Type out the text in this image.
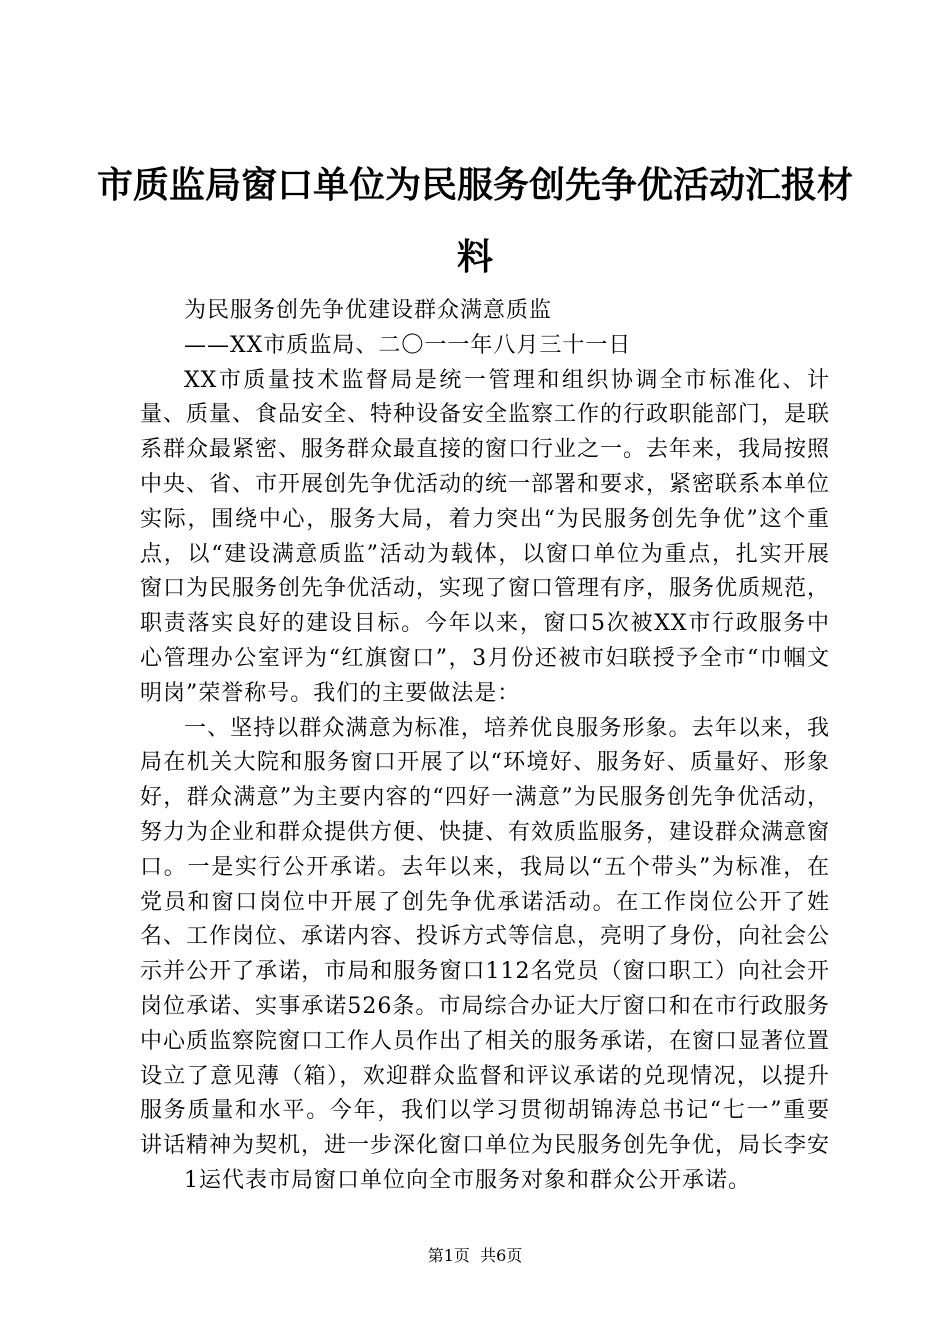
市质监局窗口单位为民服务创先争优活动汇报材料

为民服务创先争优建设群众满意质监

——XX市质监局、二〇一一年八月三十一日

XX市质量技术监督局是统一管理和组织协调全市标准化、计量、质量、食品安全、特种设备安全监察工作的行政职能部门，是联系群众最紧密、服务群众最直接的窗口行业之一。去年来，我局按照中央、省、市开展创先争优活动的统一部署和要求，紧密联系本单位实际，围绕中心，服务大局，着力突出“为民服务创先争优”这个重点，以“建设满意质监”活动为载体，以窗口单位为重点，扎实开展窗口为民服务创先争优活动，实现了窗口管理有序，服务优质规范，职责落实良好的建设目标。今年以来，窗口5次被XX市行政服务中心管理办公室评为“红旗窗口”，3月份还被市妇联授予全市“巾帼文明岗”荣誉称号。我们的主要做法是：

一、坚持以群众满意为标准，培养优良服务形象。去年以来，我局在机关大院和服务窗口开展了以“环境好、服务好、质量好、形象好，群众满意”为主要内容的“四好一满意”为民服务创先争优活动，努力为企业和群众提供方便、快捷、有效质监服务，建设群众满意窗口。一是实行公开承诺。去年以来，我局以“五个带头”为标准，在党员和窗口岗位中开展了创先争优承诺活动。在工作岗位公开了姓名、工作岗位、承诺内容、投诉方式等信息，亮明了身份，向社会公示并公开了承诺，市局和服务窗口112名党员（窗口职工）向社会开岗位承诺、实事承诺526条。市局综合办证大厅窗口和在市行政服务中心质监察院窗口工作人员作出了相关的服务承诺，在窗口显著位置设立了意见薄（箱），欢迎群众监督和评议承诺的兑现情况，以提升服务质量和水平。今年，我们以学习贯彻胡锦涛总书记“七一”重要讲话精神为契机，进一步深化窗口单位为民服务创先争优，局长李安

1运代表市局窗口单位向全市服务对象和群众公开承诺。

第1页 共6页
